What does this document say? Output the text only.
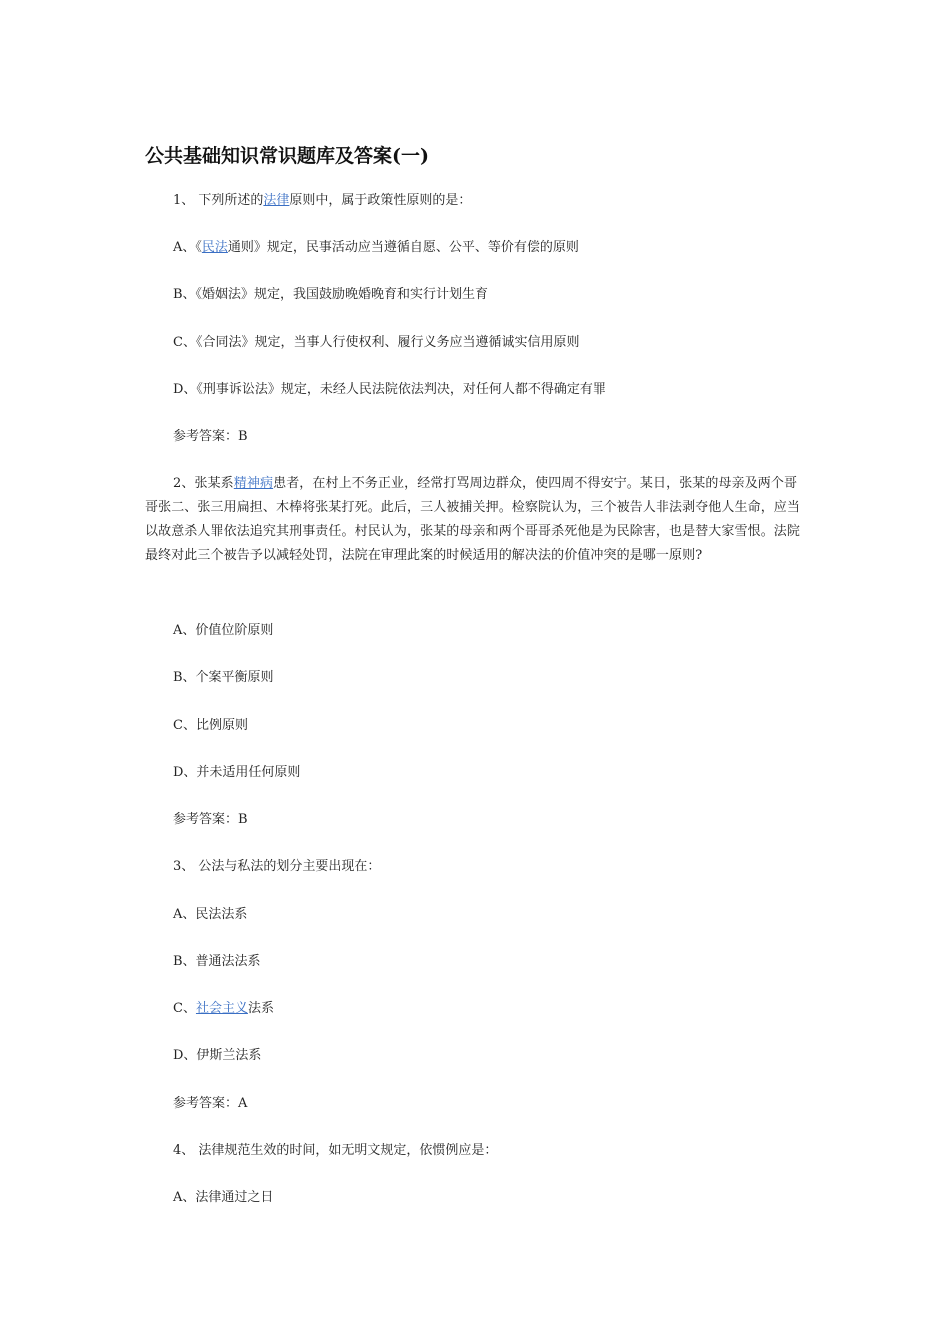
公共基础知识常识题库及答案(一)
1、 下列所述的法律原则中，属于政策性原则的是：
A、《民法通则》规定，民事活动应当遵循自愿、公平、等价有偿的原则
B、《婚姻法》规定，我国鼓励晚婚晚育和实行计划生育
C、《合同法》规定，当事人行使权利、履行义务应当遵循诚实信用原则
D、《刑事诉讼法》规定，未经人民法院依法判决，对任何人都不得确定有罪
参考答案：B
2、张某系精神病患者，在村上不务正业，经常打骂周边群众，使四周不得安宁。某日，张某的母亲及两个哥哥张二、张三用扁担、木棒将张某打死。此后，三人被捕关押。检察院认为，三个被告人非法剥夺他人生命，应当以故意杀人罪依法追究其刑事责任。村民认为，张某的母亲和两个哥哥杀死他是为民除害，也是替大家雪恨。法院最终对此三个被告予以减轻处罚，法院在审理此案的时候适用的解决法的价值冲突的是哪一原则?
A、价值位阶原则
B、个案平衡原则
C、比例原则
D、并未适用任何原则
参考答案：B
3、 公法与私法的划分主要出现在：
A、民法法系
B、普通法法系
C、社会主义法系
D、伊斯兰法系
参考答案：A
4、 法律规范生效的时间，如无明文规定，依惯例应是：
A、法律通过之日
